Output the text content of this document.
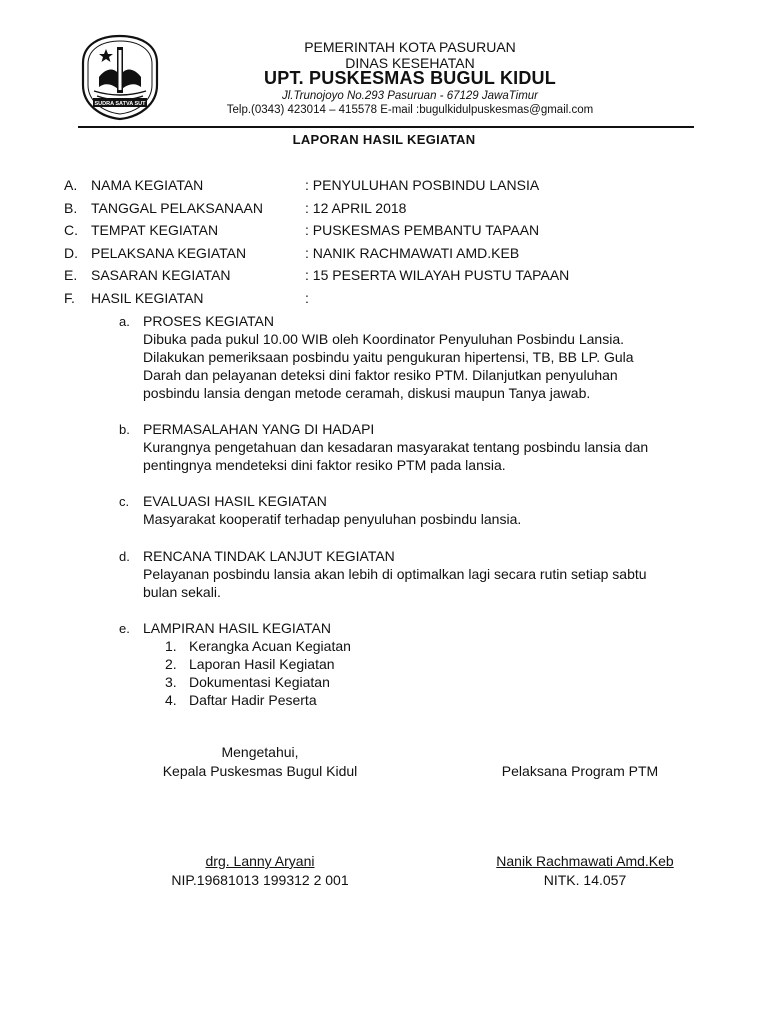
SUDRA SATVA SUT
PEMERINTAH KOTA PASURUAN
DINAS KESEHATAN
UPT. PUSKESMAS BUGUL KIDUL
Jl.Trunojoyo No.293 Pasuruan - 67129 JawaTimur
Telp.(0343) 423014 – 415578 E-mail :bugulkidulpuskesmas@gmail.com
LAPORAN HASIL KEGIATAN
A. NAMA KEGIATAN	: PENYULUHAN POSBINDU LANSIA
B. TANGGAL PELAKSANAAN	: 12 APRIL 2018
C. TEMPAT KEGIATAN	: PUSKESMAS PEMBANTU TAPAAN
D. PELAKSANA KEGIATAN	: NANIK RACHMAWATI AMD.KEB
E. SASARAN KEGIATAN	: 15 PESERTA WILAYAH PUSTU TAPAAN
F. HASIL KEGIATAN	:
a. PROSES KEGIATAN
Dibuka pada pukul 10.00 WIB oleh Koordinator Penyuluhan Posbindu Lansia.
Dilakukan pemeriksaan posbindu yaitu pengukuran hipertensi, TB, BB LP. Gula
Darah dan pelayanan deteksi dini faktor resiko PTM. Dilanjutkan penyuluhan
posbindu lansia dengan metode ceramah, diskusi maupun Tanya jawab.
b. PERMASALAHAN YANG DI HADAPI
Kurangnya pengetahuan dan kesadaran masyarakat tentang posbindu lansia dan
pentingnya mendeteksi dini faktor resiko PTM pada lansia.
c. EVALUASI HASIL KEGIATAN
Masyarakat kooperatif terhadap penyuluhan posbindu lansia.
d. RENCANA TINDAK LANJUT KEGIATAN
Pelayanan posbindu lansia akan lebih di optimalkan lagi secara rutin setiap sabtu
bulan sekali.
e. LAMPIRAN HASIL KEGIATAN
1. Kerangka Acuan Kegiatan
2. Laporan Hasil Kegiatan
3. Dokumentasi Kegiatan
4. Daftar Hadir Peserta
Mengetahui,
Kepala Puskesmas Bugul Kidul	Pelaksana Program PTM
drg. Lanny Aryani
NIP.19681013 199312 2 001
Nanik Rachmawati Amd.Keb
NITK. 14.057
